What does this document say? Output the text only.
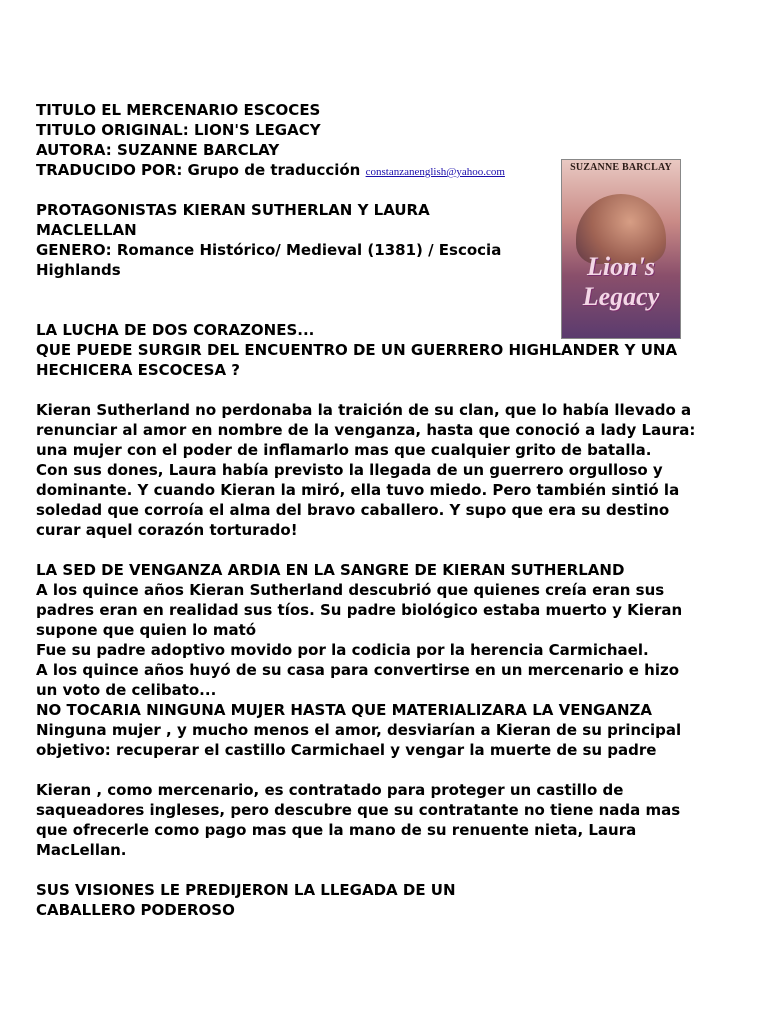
TITULO EL MERCENARIO ESCOCES
TITULO ORIGINAL: LION'S LEGACY
AUTORA: SUZANNE BARCLAY
TRADUCIDO POR: Grupo de traducción constanzanenglish@yahoo.com
PROTAGONISTAS KIERAN SUTHERLAN Y LAURA
MACLELLAN
GENERO: Romance Histórico/ Medieval (1381) / Escocia
Highlands
LA LUCHA DE DOS CORAZONES...
QUE PUEDE SURGIR DEL ENCUENTRO DE UN GUERRERO HIGHLANDER Y UNA
HECHICERA ESCOCESA ?
Kieran Sutherland no perdonaba la traición de su clan, que lo había llevado a
renunciar al amor en nombre de la venganza, hasta que conoció a lady Laura:
una mujer con el poder de inflamarlo mas que cualquier grito de batalla.
Con sus dones, Laura había previsto la llegada de un guerrero orgulloso y
dominante. Y cuando Kieran la miró, ella tuvo miedo. Pero también sintió la
soledad que corroía el alma del bravo caballero. Y supo que era su destino
curar aquel corazón torturado!
LA SED DE VENGANZA ARDIA EN LA SANGRE DE KIERAN SUTHERLAND
A los quince años Kieran Sutherland descubrió que quienes creía eran sus
padres eran en realidad sus tíos. Su padre biológico estaba muerto y Kieran
supone que quien lo mató
Fue su padre adoptivo movido por la codicia por la herencia Carmichael.
A los quince años huyó de su casa para convertirse en un mercenario e hizo
un voto de celibato...
NO TOCARIA NINGUNA MUJER HASTA QUE MATERIALIZARA LA VENGANZA
Ninguna mujer , y mucho menos el amor, desviarían a Kieran de su principal
objetivo: recuperar el castillo Carmichael y vengar la muerte de su padre
Kieran , como mercenario, es contratado para proteger un castillo de
saqueadores ingleses, pero descubre que su contratante no tiene nada mas
que ofrecerle como pago mas que la mano de su renuente nieta, Laura
MacLellan.
SUS VISIONES LE PREDIJERON LA LLEGADA DE UN
CABALLERO PODEROSO
SUZANNE BARCLAY
Lion's
Legacy
